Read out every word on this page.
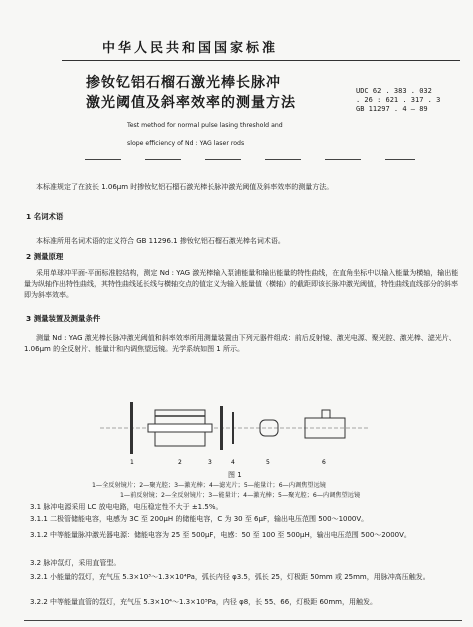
中华人民共和国国家标准
掺钕钇铝石榴石激光棒长脉冲
激光阈值及斜率效率的测量方法
UDC 62 . 383 . 032
. 26 : 621 . 317 . 3
GB 11297 . 4 — 89
Test method for normal pulse lasing threshold and
slope efficiency of Nd : YAG laser rods
本标准规定了在波长 1.06μm 时掺钕钇铝石榴石激光棒长脉冲激光阈值及斜率效率的测量方法。
1 名词术语
本标准所用名词术语的定义符合 GB 11296.1 掺钕钇铝石榴石激光棒名词术语。
2 测量原理
采用单球冲平面-平面标准腔结构，测定 Nd : YAG 激光棒输入泵浦能量和输出能量的特性曲线，在直角坐标中以输入能量为横轴，输出能量为纵轴作出特性曲线，其特性曲线延长线与横轴交点的值定义为输入能量值（横轴）的截距即该长脉冲激光阈值，特性曲线直线部分的斜率即为斜率效率。
3 测量装置及测量条件
测量 Nd : YAG 激光棒长脉冲激光阈值和斜率效率所用测量装置由下列元器件组成：前后反射镜、激光电源、聚光腔、激光棒、滤光片、1.06μm 的全反射片、能量计和内调焦望远镜。光学系统如图 1 所示。
1	2	3	4	5	6
图 1
1—全反射镜片；2—聚光腔；3—激光棒；4—滤光片；5—能量计；6—内调焦望远镜
1—前反射镜；2—全反射镜片；3—能量计；4—激光棒；5—聚光腔；6—内调焦望远镜
3.1 脉冲电源采用 LC 放电电路，电压稳定性不大于 ±1.5%。
3.1.1 二极管储能电容，电感为 3C 至 200μH 的储能电容，C 为 30 至 6μF，输出电压范围 500～1000V。
3.1.2 中等能量脉冲激光器电源：储能电容为 25 至 500μF，电感：50 至 100 至 500μH，输出电压范围 500～2000V。
3.2 脉冲氙灯，采用直管型。
3.2.1 小能量的氙灯，充气压 5.3×10³～1.3×10⁴Pa，弧长内径 φ3.5，弧长 25，灯极距 50mm 或 25mm，用脉冲高压触发。
3.2.2 中等能量直管的氙灯，充气压 5.3×10⁴～1.3×10⁵Pa，内径 φ8，长 55、66，灯极距 60mm，用触发。
